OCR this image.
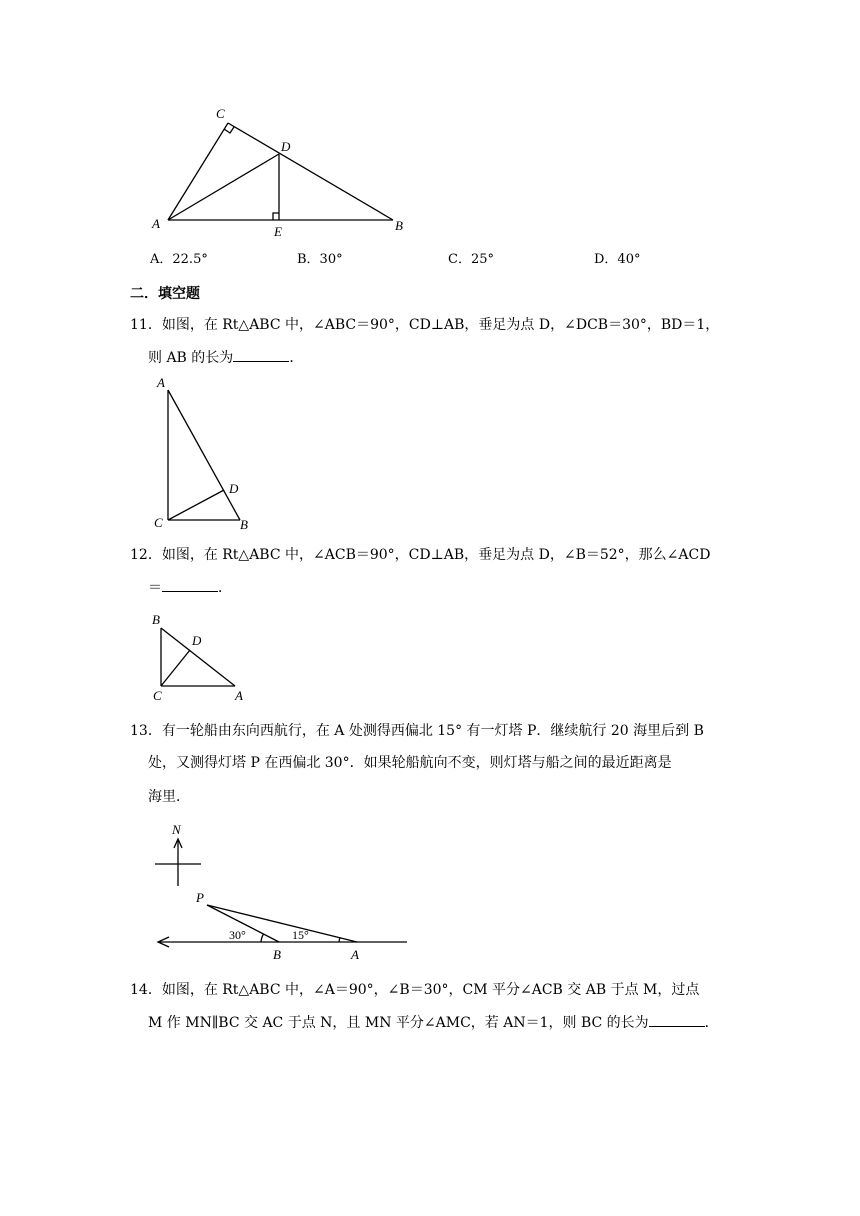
C
D
A
E	B
A．22.5°	B．30°	C．25°	D．40°
二．填空题
11．如图，在 Rt△ABC 中，∠ABC＝90°，CD⊥AB，垂足为点 D，∠DCB＝30°，BD＝1，
则 AB 的长为	．
A
D
C	B
12．如图，在 Rt△ABC 中，∠ACB＝90°，CD⊥AB，垂足为点 D，∠B＝52°，那么∠ACD
＝	．
B
D
C	A
13．有一轮船由东向西航行，在 A 处测得西偏北 15° 有一灯塔 P．继续航行 20 海里后到 B
处，又测得灯塔 P 在西偏北 30°．如果轮船航向不变，则灯塔与船之间的最近距离是
海里．
N
P
30°	15°
B	A
14．如图，在 Rt△ABC 中，∠A＝90°，∠B＝30°，CM 平分∠ACB 交 AB 于点 M，过点
M 作 MN∥BC 交 AC 于点 N，且 MN 平分∠AMC，若 AN＝1，则 BC 的长为	．
